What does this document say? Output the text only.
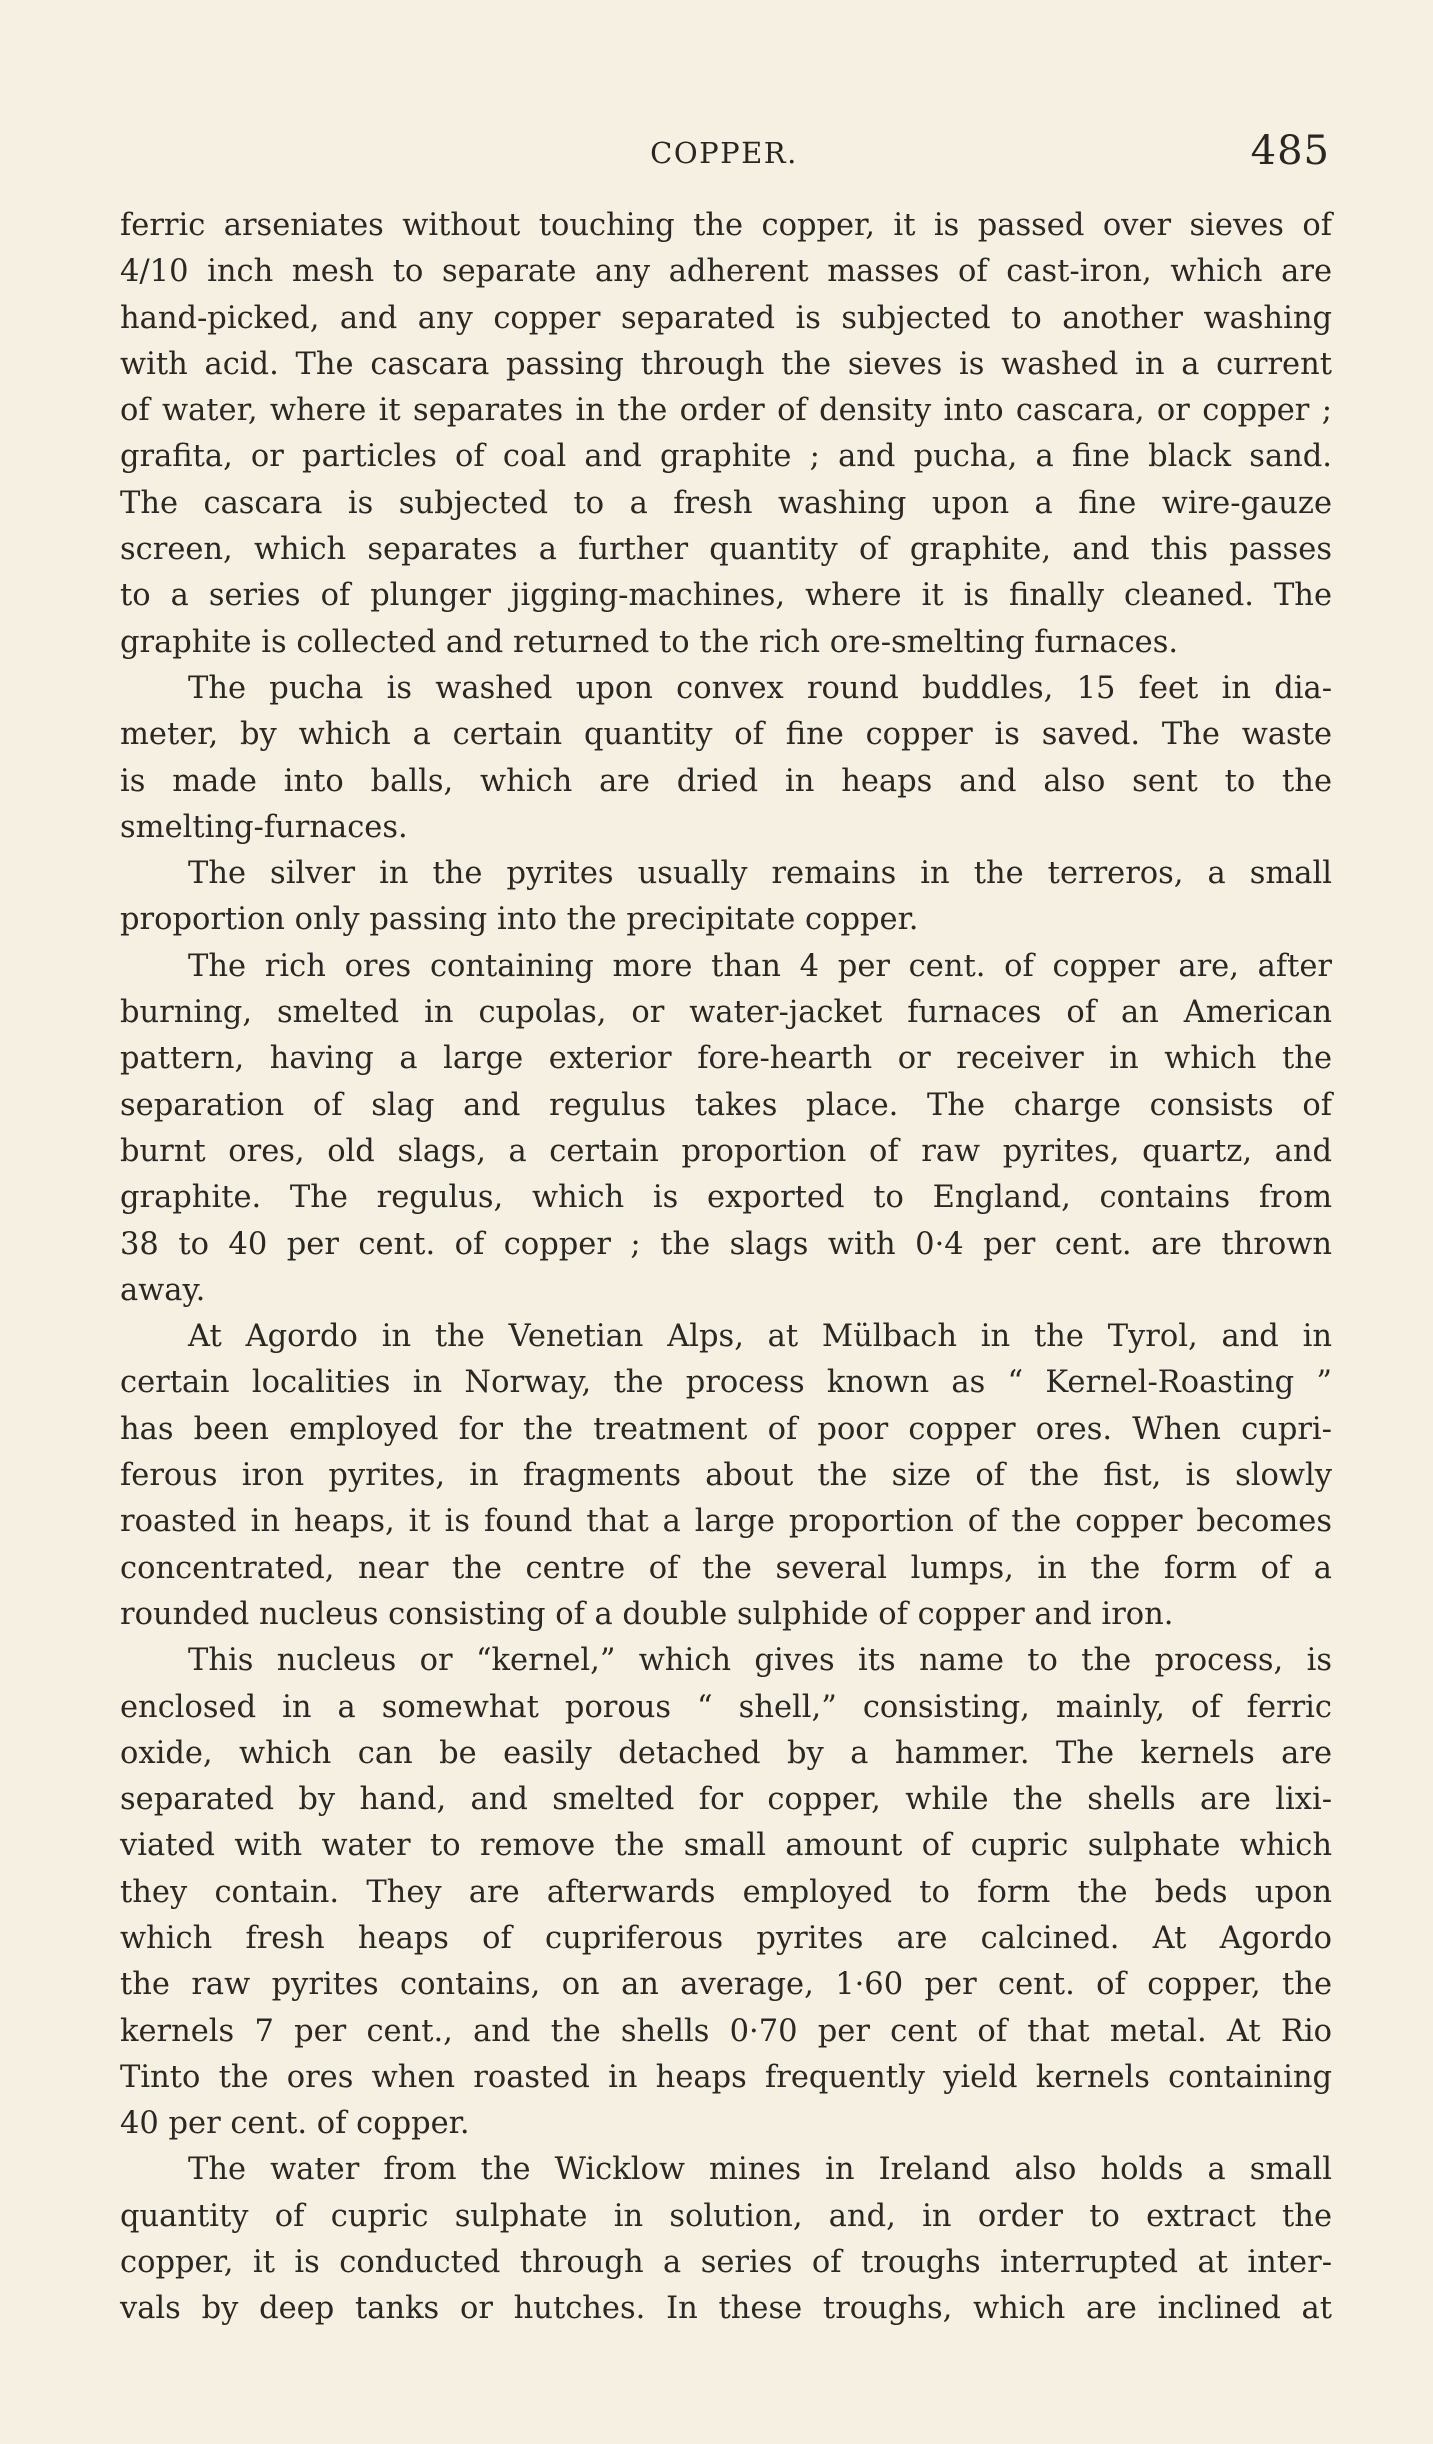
COPPER.	485
ferric arseniates without touching the copper, it is passed over sieves of
4/10 inch mesh to separate any adherent masses of cast-iron, which are
hand-picked, and any copper separated is subjected to another washing
with acid. The cascara passing through the sieves is washed in a current
of water, where it separates in the order of density into cascara, or copper ;
grafita, or particles of coal and graphite ; and pucha, a fine black sand.
The cascara is subjected to a fresh washing upon a fine wire-gauze
screen, which separates a further quantity of graphite, and this passes
to a series of plunger jigging-machines, where it is finally cleaned. The
graphite is collected and returned to the rich ore-smelting furnaces.
The pucha is washed upon convex round buddles, 15 feet in dia-
meter, by which a certain quantity of fine copper is saved. The waste
is made into balls, which are dried in heaps and also sent to the
smelting-furnaces.
The silver in the pyrites usually remains in the terreros, a small
proportion only passing into the precipitate copper.
The rich ores containing more than 4 per cent. of copper are, after
burning, smelted in cupolas, or water-jacket furnaces of an American
pattern, having a large exterior fore-hearth or receiver in which the
separation of slag and regulus takes place. The charge consists of
burnt ores, old slags, a certain proportion of raw pyrites, quartz, and
graphite. The regulus, which is exported to England, contains from
38 to 40 per cent. of copper ; the slags with 0·4 per cent. are thrown
away.
At Agordo in the Venetian Alps, at Mülbach in the Tyrol, and in
certain localities in Norway, the process known as “ Kernel-Roasting ”
has been employed for the treatment of poor copper ores. When cupri-
ferous iron pyrites, in fragments about the size of the fist, is slowly
roasted in heaps, it is found that a large proportion of the copper becomes
concentrated, near the centre of the several lumps, in the form of a
rounded nucleus consisting of a double sulphide of copper and iron.
This nucleus or “kernel,” which gives its name to the process, is
enclosed in a somewhat porous “ shell,” consisting, mainly, of ferric
oxide, which can be easily detached by a hammer. The kernels are
separated by hand, and smelted for copper, while the shells are lixi-
viated with water to remove the small amount of cupric sulphate which
they contain. They are afterwards employed to form the beds upon
which fresh heaps of cupriferous pyrites are calcined. At Agordo
the raw pyrites contains, on an average, 1·60 per cent. of copper, the
kernels 7 per cent., and the shells 0·70 per cent of that metal. At Rio
Tinto the ores when roasted in heaps frequently yield kernels containing
40 per cent. of copper.
The water from the Wicklow mines in Ireland also holds a small
quantity of cupric sulphate in solution, and, in order to extract the
copper, it is conducted through a series of troughs interrupted at inter-
vals by deep tanks or hutches. In these troughs, which are inclined at
